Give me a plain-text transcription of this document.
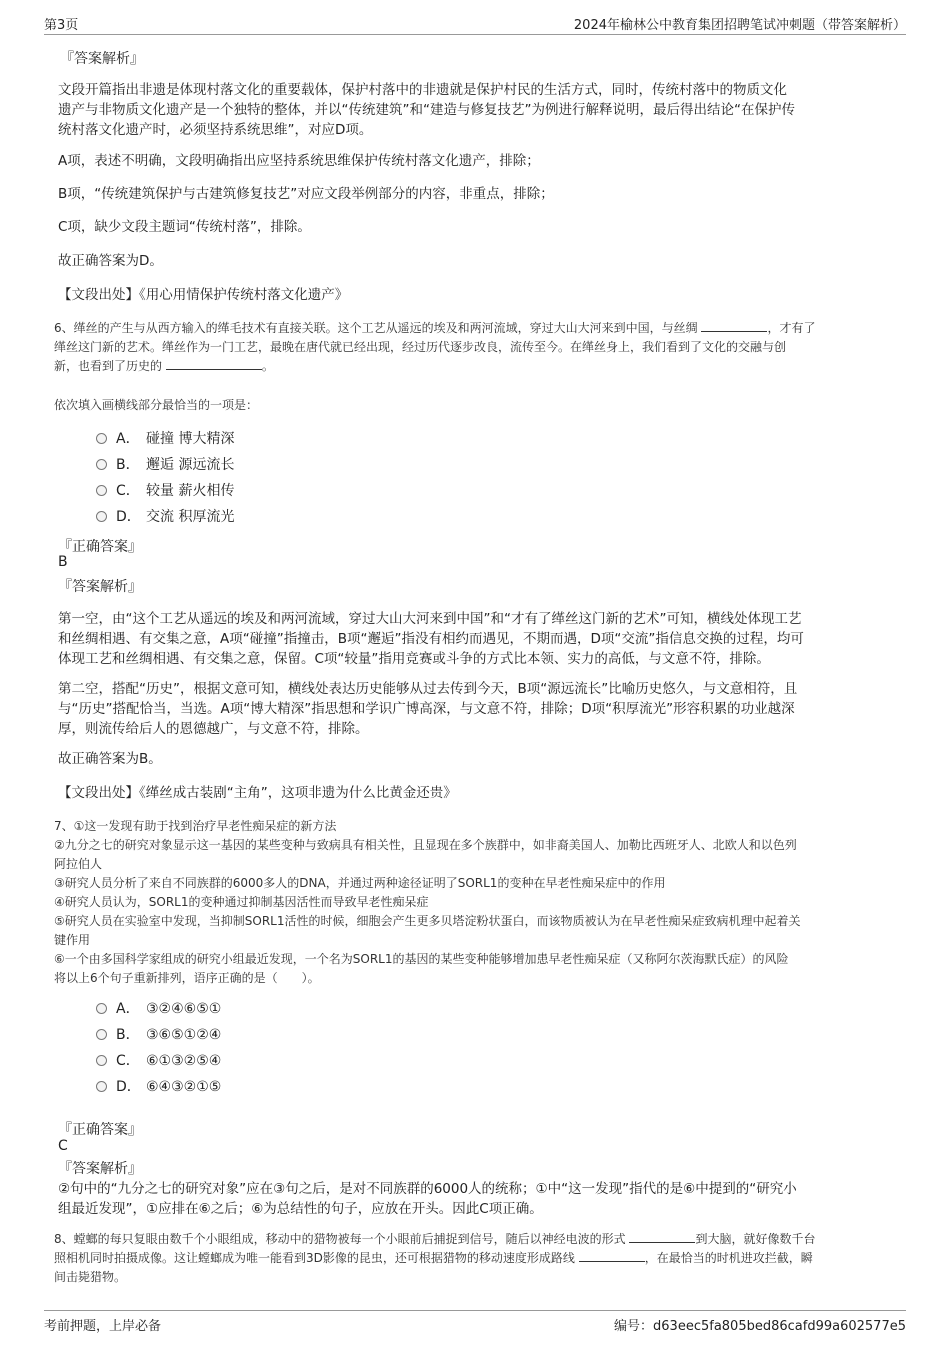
第3页	2024年榆林公中教育集团招聘笔试冲刺题（带答案解析）
『答案解析』
文段开篇指出非遗是体现村落文化的重要载体，保护村落中的非遗就是保护村民的生活方式，同时，传统村落中的物质文化
遗产与非物质文化遗产是一个独特的整体，并以“传统建筑”和“建造与修复技艺”为例进行解释说明，最后得出结论“在保护传
统村落文化遗产时，必须坚持系统思维”，对应D项。
A项，表述不明确，文段明确指出应坚持系统思维保护传统村落文化遗产，排除；
B项，“传统建筑保护与古建筑修复技艺”对应文段举例部分的内容，非重点，排除；
C项，缺少文段主题词“传统村落”，排除。
故正确答案为D。
【文段出处】《用心用情保护传统村落文化遗产》
6、缂丝的产生与从西方输入的缂毛技术有直接关联。这个工艺从遥远的埃及和两河流域，穿过大山大河来到中国，与丝绸	，才有了
缂丝这门新的艺术。缂丝作为一门工艺，最晚在唐代就已经出现，经过历代逐步改良，流传至今。在缂丝身上，我们看到了文化的交融与创
新，也看到了历史的	。
依次填入画横线部分最恰当的一项是：
A． 碰撞 博大精深
B． 邂逅 源远流长
C． 较量 薪火相传
D． 交流 积厚流光
『正确答案』
B
『答案解析』
第一空，由“这个工艺从遥远的埃及和两河流域，穿过大山大河来到中国”和“才有了缂丝这门新的艺术”可知，横线处体现工艺
和丝绸相遇、有交集之意，A项“碰撞”指撞击，B项“邂逅”指没有相约而遇见，不期而遇，D项“交流”指信息交换的过程，均可
体现工艺和丝绸相遇、有交集之意，保留。C项“较量”指用竞赛或斗争的方式比本领、实力的高低，与文意不符，排除。
第二空，搭配“历史”，根据文意可知，横线处表达历史能够从过去传到今天，B项“源远流长”比喻历史悠久，与文意相符，且
与“历史”搭配恰当，当选。A项“博大精深”指思想和学识广博高深，与文意不符，排除；D项“积厚流光”形容积累的功业越深
厚，则流传给后人的恩德越广，与文意不符，排除。
故正确答案为B。
【文段出处】《缂丝成古装剧“主角”，这项非遗为什么比黄金还贵》
7、①这一发现有助于找到治疗早老性痴呆症的新方法
②九分之七的研究对象显示这一基因的某些变种与致病具有相关性，且显现在多个族群中，如非裔美国人、加勒比西班牙人、北欧人和以色列
阿拉伯人
③研究人员分析了来自不同族群的6000多人的DNA，并通过两种途径证明了SORL1的变种在早老性痴呆症中的作用
④研究人员认为，SORL1的变种通过抑制基因活性而导致早老性痴呆症
⑤研究人员在实验室中发现，当抑制SORL1活性的时候，细胞会产生更多贝塔淀粉状蛋白，而该物质被认为在早老性痴呆症致病机理中起着关
键作用
⑥一个由多国科学家组成的研究小组最近发现，一个名为SORL1的基因的某些变种能够增加患早老性痴呆症（又称阿尔茨海默氏症）的风险
将以上6个句子重新排列，语序正确的是（　　）。
A． ③②④⑥⑤①
B． ③⑥⑤①②④
C． ⑥①③②⑤④
D． ⑥④③②①⑤
『正确答案』
C
『答案解析』
②句中的“九分之七的研究对象”应在③句之后，是对不同族群的6000人的统称；①中“这一发现”指代的是⑥中提到的“研究小
组最近发现”，①应排在⑥之后；⑥为总结性的句子，应放在开头。因此C项正确。
8、螳螂的每只复眼由数千个小眼组成，移动中的猎物被每一个小眼前后捕捉到信号，随后以神经电波的形式	到大脑，就好像数千台
照相机同时拍摄成像。这让螳螂成为唯一能看到3D影像的昆虫，还可根据猎物的移动速度形成路线	，在最恰当的时机进攻拦截，瞬
间击毙猎物。
考前押题，上岸必备	编号：d63eec5fa805bed86cafd99a602577e5
